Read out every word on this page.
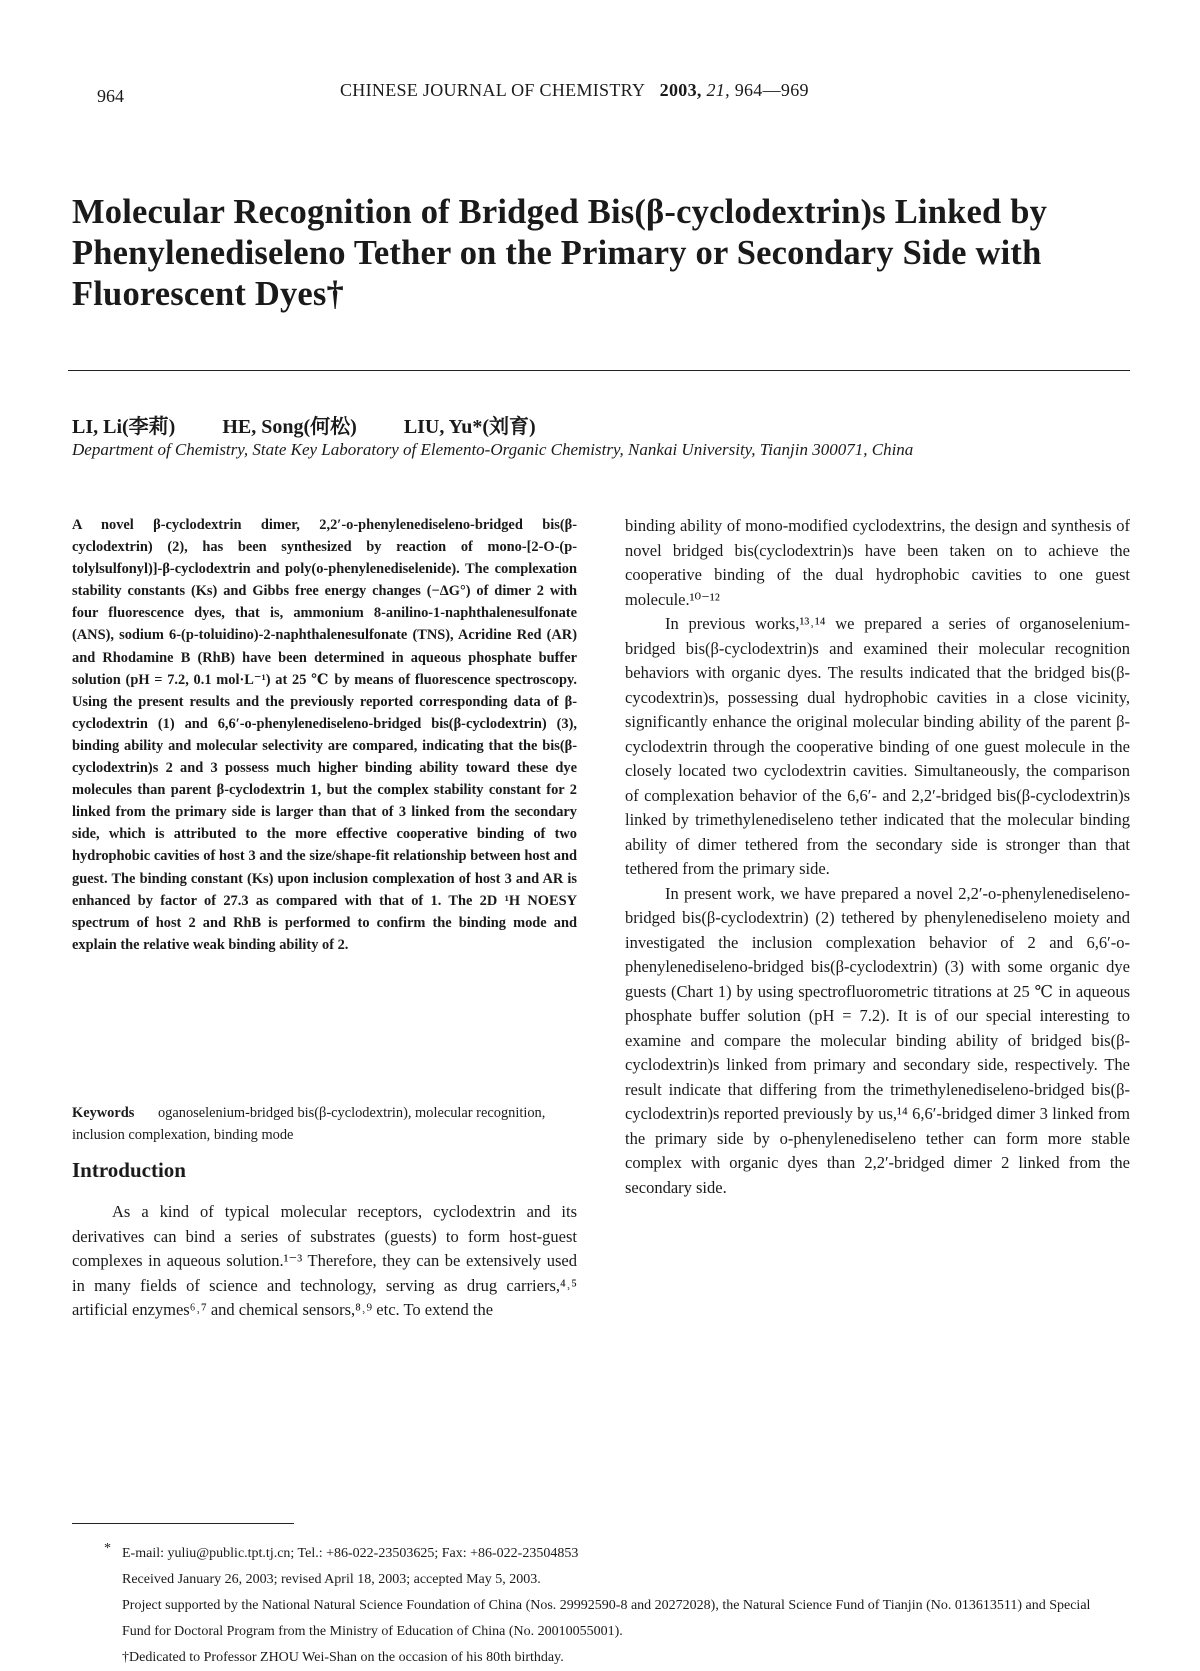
964	CHINESE JOURNAL OF CHEMISTRY 2003, 21, 964—969
Molecular Recognition of Bridged Bis(β-cyclodextrin)s Linked by Phenylenediseleno Tether on the Primary or Secondary Side with Fluorescent Dyes†
LI, Li(李莉) HE, Song(何松) LIU, Yu*(刘育)
Department of Chemistry, State Key Laboratory of Elemento-Organic Chemistry, Nankai University, Tianjin 300071, China
A novel β-cyclodextrin dimer, 2,2′-o-phenylenediseleno-bridged bis(β-cyclodextrin) (2), has been synthesized by reaction of mono-[2-O-(p-tolylsulfonyl)]-β-cyclodextrin and poly(o-phenylenediselenide). The complexation stability constants (Ks) and Gibbs free energy changes (−ΔG°) of dimer 2 with four fluorescence dyes, that is, ammonium 8-anilino-1-naphthalenesulfonate (ANS), sodium 6-(p-toluidino)-2-naphthalenesulfonate (TNS), Acridine Red (AR) and Rhodamine B (RhB) have been determined in aqueous phosphate buffer solution (pH = 7.2, 0.1 mol·L⁻¹) at 25 ℃ by means of fluorescence spectroscopy. Using the present results and the previously reported corresponding data of β-cyclodextrin (1) and 6,6′-o-phenylenediseleno-bridged bis(β-cyclodextrin) (3), binding ability and molecular selectivity are compared, indicating that the bis(β-cyclodextrin)s 2 and 3 possess much higher binding ability toward these dye molecules than parent β-cyclodextrin 1, but the complex stability constant for 2 linked from the primary side is larger than that of 3 linked from the secondary side, which is attributed to the more effective cooperative binding of two hydrophobic cavities of host 3 and the size/shape-fit relationship between host and guest. The binding constant (Ks) upon inclusion complexation of host 3 and AR is enhanced by factor of 27.3 as compared with that of 1. The 2D ¹H NOESY spectrum of host 2 and RhB is performed to confirm the binding mode and explain the relative weak binding ability of 2.
Keywords oganoselenium-bridged bis(β-cyclodextrin), molecular recognition, inclusion complexation, binding mode
Introduction

As a kind of typical molecular receptors, cyclodextrin and its derivatives can bind a series of substrates (guests) to form host-guest complexes in aqueous solution.¹⁻³ Therefore, they can be extensively used in many fields of science and technology, serving as drug carriers,⁴˒⁵ artificial enzymes⁶˒⁷ and chemical sensors,⁸˒⁹ etc. To extend the

binding ability of mono-modified cyclodextrins, the design and synthesis of novel bridged bis(cyclodextrin)s have been taken on to achieve the cooperative binding of the dual hydrophobic cavities to one guest molecule.¹⁰⁻¹²

In previous works,¹³˒¹⁴ we prepared a series of organoselenium-bridged bis(β-cyclodextrin)s and examined their molecular recognition behaviors with organic dyes. The results indicated that the bridged bis(β-cycodextrin)s, possessing dual hydrophobic cavities in a close vicinity, significantly enhance the original molecular binding ability of the parent β-cyclodextrin through the cooperative binding of one guest molecule in the closely located two cyclodextrin cavities. Simultaneously, the comparison of complexation behavior of the 6,6′- and 2,2′-bridged bis(β-cyclodextrin)s linked by trimethylenediseleno tether indicated that the molecular binding ability of dimer tethered from the secondary side is stronger than that tethered from the primary side.

In present work, we have prepared a novel 2,2′-o-phenylenediseleno-bridged bis(β-cyclodextrin) (2) tethered by phenylenediseleno moiety and investigated the inclusion complexation behavior of 2 and 6,6′-o-phenylenediseleno-bridged bis(β-cyclodextrin) (3) with some organic dye guests (Chart 1) by using spectrofluorometric titrations at 25 ℃ in aqueous phosphate buffer solution (pH = 7.2). It is of our special interesting to examine and compare the molecular binding ability of bridged bis(β-cyclodextrin)s linked from primary and secondary side, respectively. The result indicate that differing from the trimethylenediseleno-bridged bis(β-cyclodextrin)s reported previously by us,¹⁴ 6,6′-bridged dimer 3 linked from the primary side by o-phenylenediseleno tether can form more stable complex with organic dyes than 2,2′-bridged dimer 2 linked from the secondary side.

* E-mail: yuliu@public.tpt.tj.cn; Tel.: +86-022-23503625; Fax: +86-022-23504853
Received January 26, 2003; revised April 18, 2003; accepted May 5, 2003.
Project supported by the National Natural Science Foundation of China (Nos. 29992590-8 and 20272028), the Natural Science Fund of Tianjin (No. 013613511) and Special Fund for Doctoral Program from the Ministry of Education of China (No. 20010055001).
†Dedicated to Professor ZHOU Wei-Shan on the occasion of his 80th birthday.
